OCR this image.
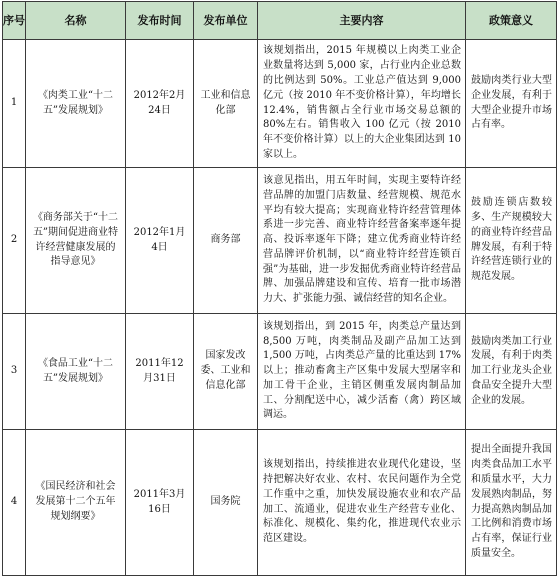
序号	名称	发布时间	发布单位	主要内容	政策意义
1	《肉类工业“十二五”发展规划》	2012年2月24日	工业和信息化部	该规划指出，2015 年规模以上肉类工业企业数量将达到 5,000 家，占行业内企业总数的比例达到 50%。工业总产值达到 9,000 亿元（按 2010 年不变价格计算），年均增长 12.4%，销售额占全行业市场交易总额的 80%左右。销售收入 100 亿元（按 2010 年不变价格计算）以上的大企业集团达到 10 家以上。	鼓励肉类行业大型企业发展，有利于大型企业提升市场占有率。
2	《商务部关于“十二五”期间促进商业特许经营健康发展的指导意见》	2012年1月4日	商务部	该意见指出，用五年时间，实现主要特许经营品牌的加盟门店数量、经营规模、规范水平均有较大提高；实现商业特许经营管理体系进一步完善、商业特许经营备案率逐年提高、投诉率逐年下降；建立优秀商业特许经营品牌评价机制，以“商业特许经营连锁百强”为基础，进一步发掘优秀商业特许经营品牌、加强品牌建设和宣传、培育一批市场潜力大、扩张能力强、诚信经营的知名企业。	鼓励连锁店数较多、生产规模较大的商业特许经营品牌发展，有利于特许经营连锁行业的规范发展。
3	《食品工业“十二五”发展规划》	2011年12月31日	国家发改委、工业和信息化部	该规划指出，到 2015 年，肉类总产量达到 8,500 万吨，肉类制品及副产品加工达到 1,500 万吨，占肉类总产量的比重达到 17%以上；推动畜禽主产区集中发展大型屠宰和加工骨干企业，主销区侧重发展肉制品加工、分割配送中心，减少活畜（禽）跨区域调运。	鼓励肉类加工行业发展，有利于肉类加工行业龙头企业食品安全提升大型企业的发展。
4	《国民经济和社会发展第十二个五年规划纲要》	2011年3月16日	国务院	该规划指出，持续推进农业现代化建设，坚持把解决好农业、农村、农民问题作为全党工作重中之重，加快发展设施农业和农产品加工、流通业，促进农业生产经营专业化、标准化、规模化、集约化，推进现代农业示范区建设。	提出全面提升我国肉类食品加工水平和质量水平，大力发展熟肉制品，努力提高熟肉制品加工比例和消费市场占有率，保证行业质量安全。
